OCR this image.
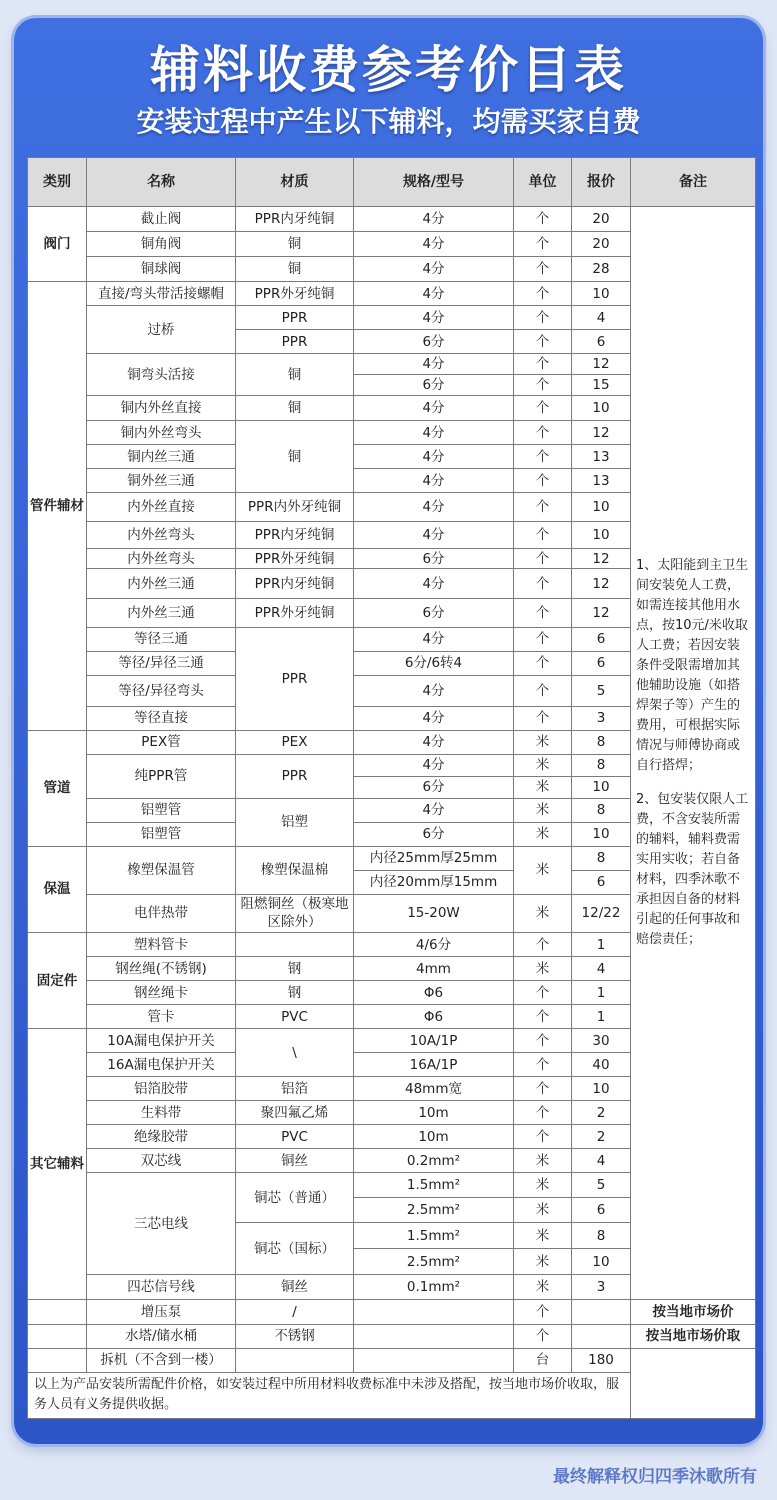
辅料收费参考价目表
安装过程中产生以下辅料，均需买家自费
类别	名称	材质	规格/型号	单位	报价	备注
阀门	截止阀	PPR内牙纯铜	4分	个	20	1、太阳能到主卫生间安装免人工费，如需连接其他用水点，按10元/米收取人工费；若因安装条件受限需增加其他辅助设施（如搭焊架子等）产生的费用，可根据实际情况与师傅协商或自行搭焊；
2、包安装仅限人工费，不含安装所需的辅料，辅料费需实用实收；若自备材料，四季沐歌不承担因自备的材料引起的任何事故和赔偿责任；

	铜角阀	铜	4分	个	20	
	铜球阀	铜	4分	个	28	
管件辅材	直接/弯头带活接螺帽	PPR外牙纯铜	4分	个	10	
	过桥	PPR	4分	个	4	
		PPR	6分	个	6	
	铜弯头活接	铜	4分	个	12	
			6分	个	15	
	铜内外丝直接	铜	4分	个	10	
	铜内外丝弯头	铜	4分	个	12	
	铜内丝三通		4分	个	13	
	铜外丝三通		4分	个	13	
	内外丝直接	PPR内外牙纯铜	4分	个	10	
	内外丝弯头	PPR内牙纯铜	4分	个	10	
	内外丝弯头	PPR外牙纯铜	6分	个	12	
	内外丝三通	PPR内牙纯铜	4分	个	12	
	内外丝三通	PPR外牙纯铜	6分	个	12	
	等径三通	PPR	4分	个	6	
	等径/异径三通		6分/6转4	个	6	
	等径/异径弯头		4分	个	5	
	等径直接		4分	个	3	
管道	PEX管	PEX	4分	米	8	
	纯PPR管	PPR	4分	米	8	
			6分	米	10	
	铝塑管	铝塑	4分	米	8	
	铝塑管		6分	米	10	
保温	橡塑保温管	橡塑保温棉	内径25mm厚25mm	米	8	
			内径20mm厚15mm		6	
	电伴热带	阻燃铜丝（极寒地区除外）	15-20W	米	12/22	
固定件	塑料管卡		4/6分	个	1	
	钢丝绳(不锈钢)	钢	4mm	米	4	
	钢丝绳卡	钢	Φ6	个	1	
	管卡	PVC	Φ6	个	1	
其它辅料	10A漏电保护开关	\	10A/1P	个	30	
	16A漏电保护开关		16A/1P	个	40	
	铝箔胶带	铝箔	48mm宽	个	10	
	生料带	聚四氟乙烯	10m	个	2	
	绝缘胶带	PVC	10m	个	2	
	双芯线	铜丝	0.2mm²	米	4	
	三芯电线	铜芯（普通）	1.5mm²	米	5	
			2.5mm²	米	6	
		铜芯（国标）	1.5mm²	米	8	
			2.5mm²	米	10	
	四芯信号线	铜丝	0.1mm²	米	3	
	增压泵	/		个		按当地市场价
	水塔/储水桶	不锈钢		个		按当地市场价取
	拆机（不含到一楼）			台	180	
以上为产品安装所需配件价格，如安装过程中所用材料收费标准中未涉及搭配，按当地市场价收取，服务人员有义务提供收据。						
最终解释权归四季沐歌所有
